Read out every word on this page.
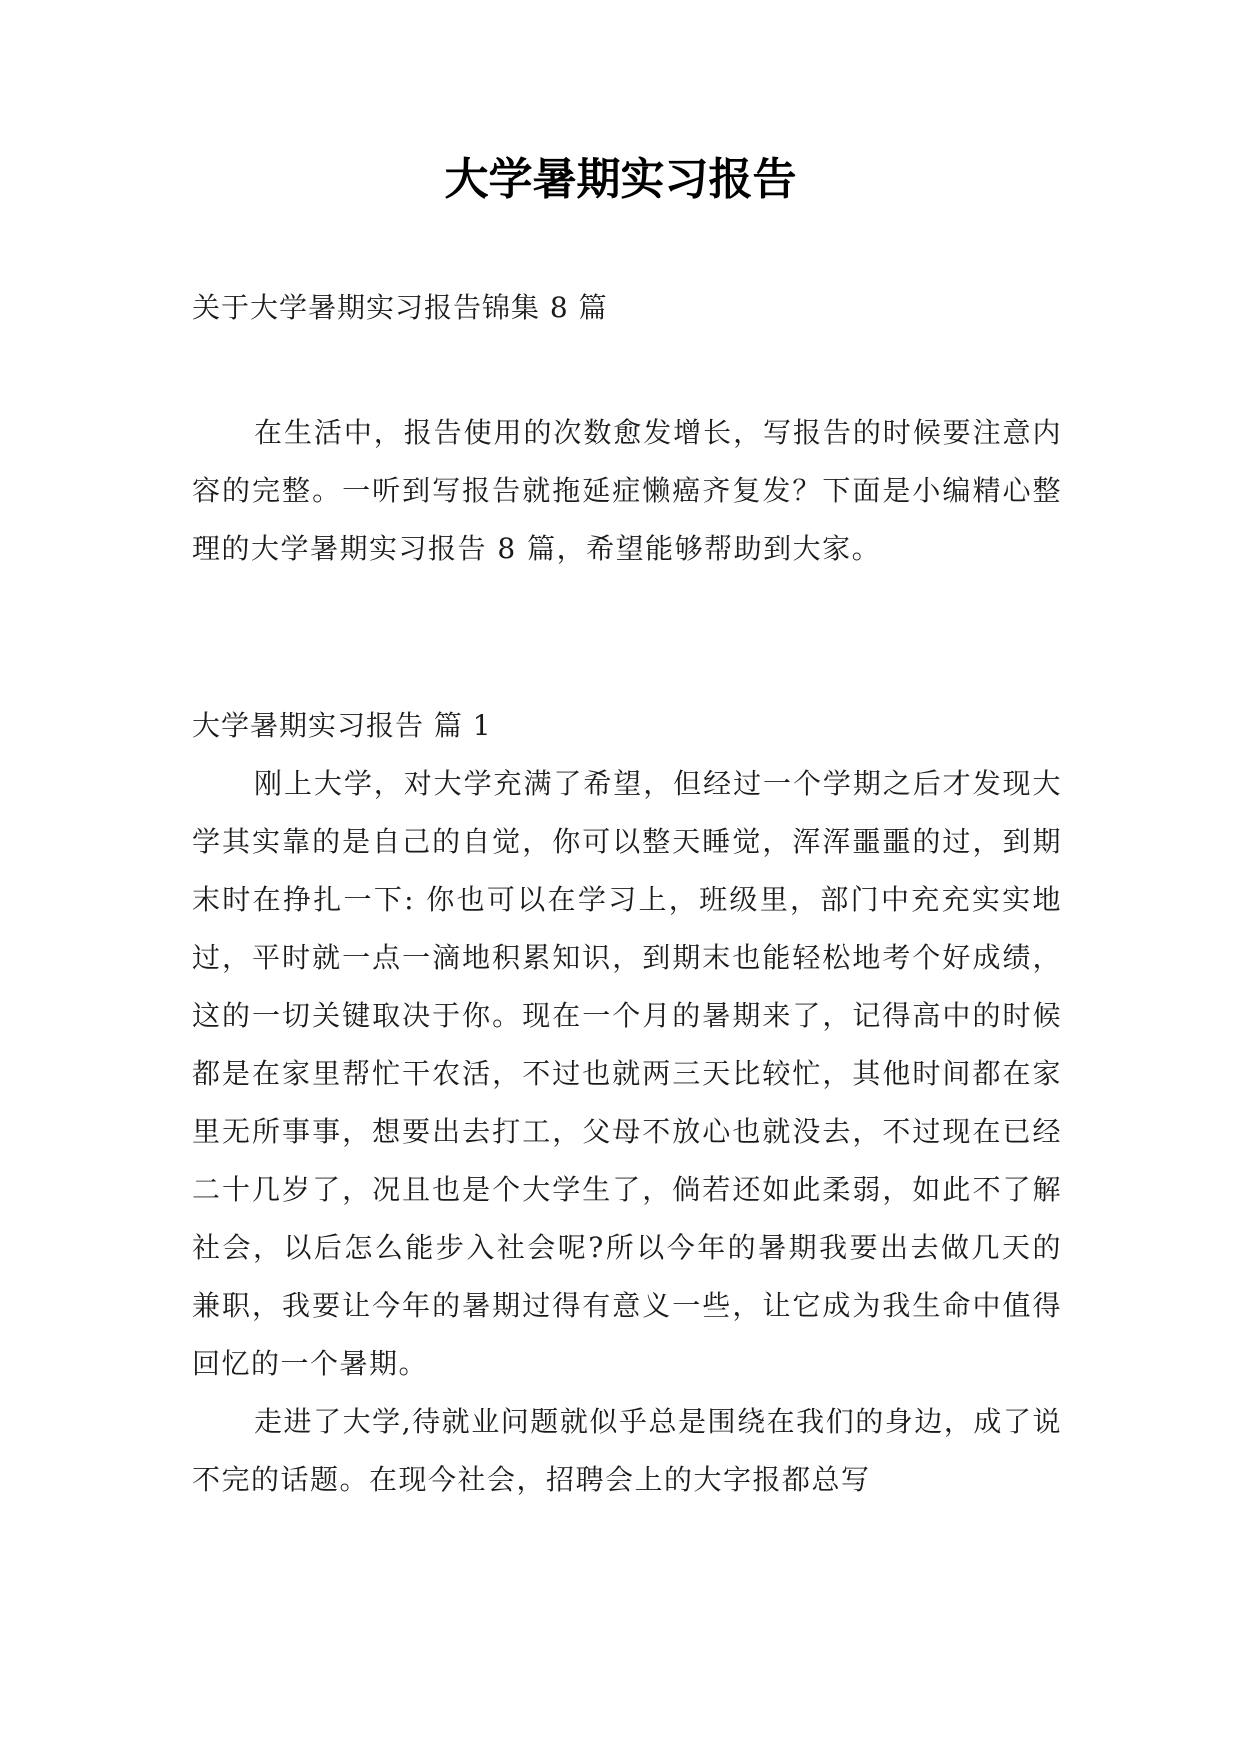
大学暑期实习报告

关于大学暑期实习报告锦集 8 篇

在生活中，报告使用的次数愈发增长，写报告的时候要注意内容的完整。一听到写报告就拖延症懒癌齐复发？下面是小编精心整理的大学暑期实习报告 8 篇，希望能够帮助到大家。

大学暑期实习报告 篇 1

刚上大学，对大学充满了希望，但经过一个学期之后才发现大学其实靠的是自己的自觉，你可以整天睡觉，浑浑噩噩的过，到期末时在挣扎一下: 你也可以在学习上，班级里，部门中充充实实地过，平时就一点一滴地积累知识，到期末也能轻松地考个好成绩，这的一切关键取决于你。现在一个月的暑期来了，记得高中的时候都是在家里帮忙干农活，不过也就两三天比较忙，其他时间都在家里无所事事，想要出去打工，父母不放心也就没去，不过现在已经二十几岁了，况且也是个大学生了，倘若还如此柔弱，如此不了解社会，以后怎么能步入社会呢?所以今年的暑期我要出去做几天的兼职，我要让今年的暑期过得有意义一些，让它成为我生命中值得回忆的一个暑期。

走进了大学,待就业问题就似乎总是围绕在我们的身边，成了说不完的话题。在现今社会，招聘会上的大字报都总写
